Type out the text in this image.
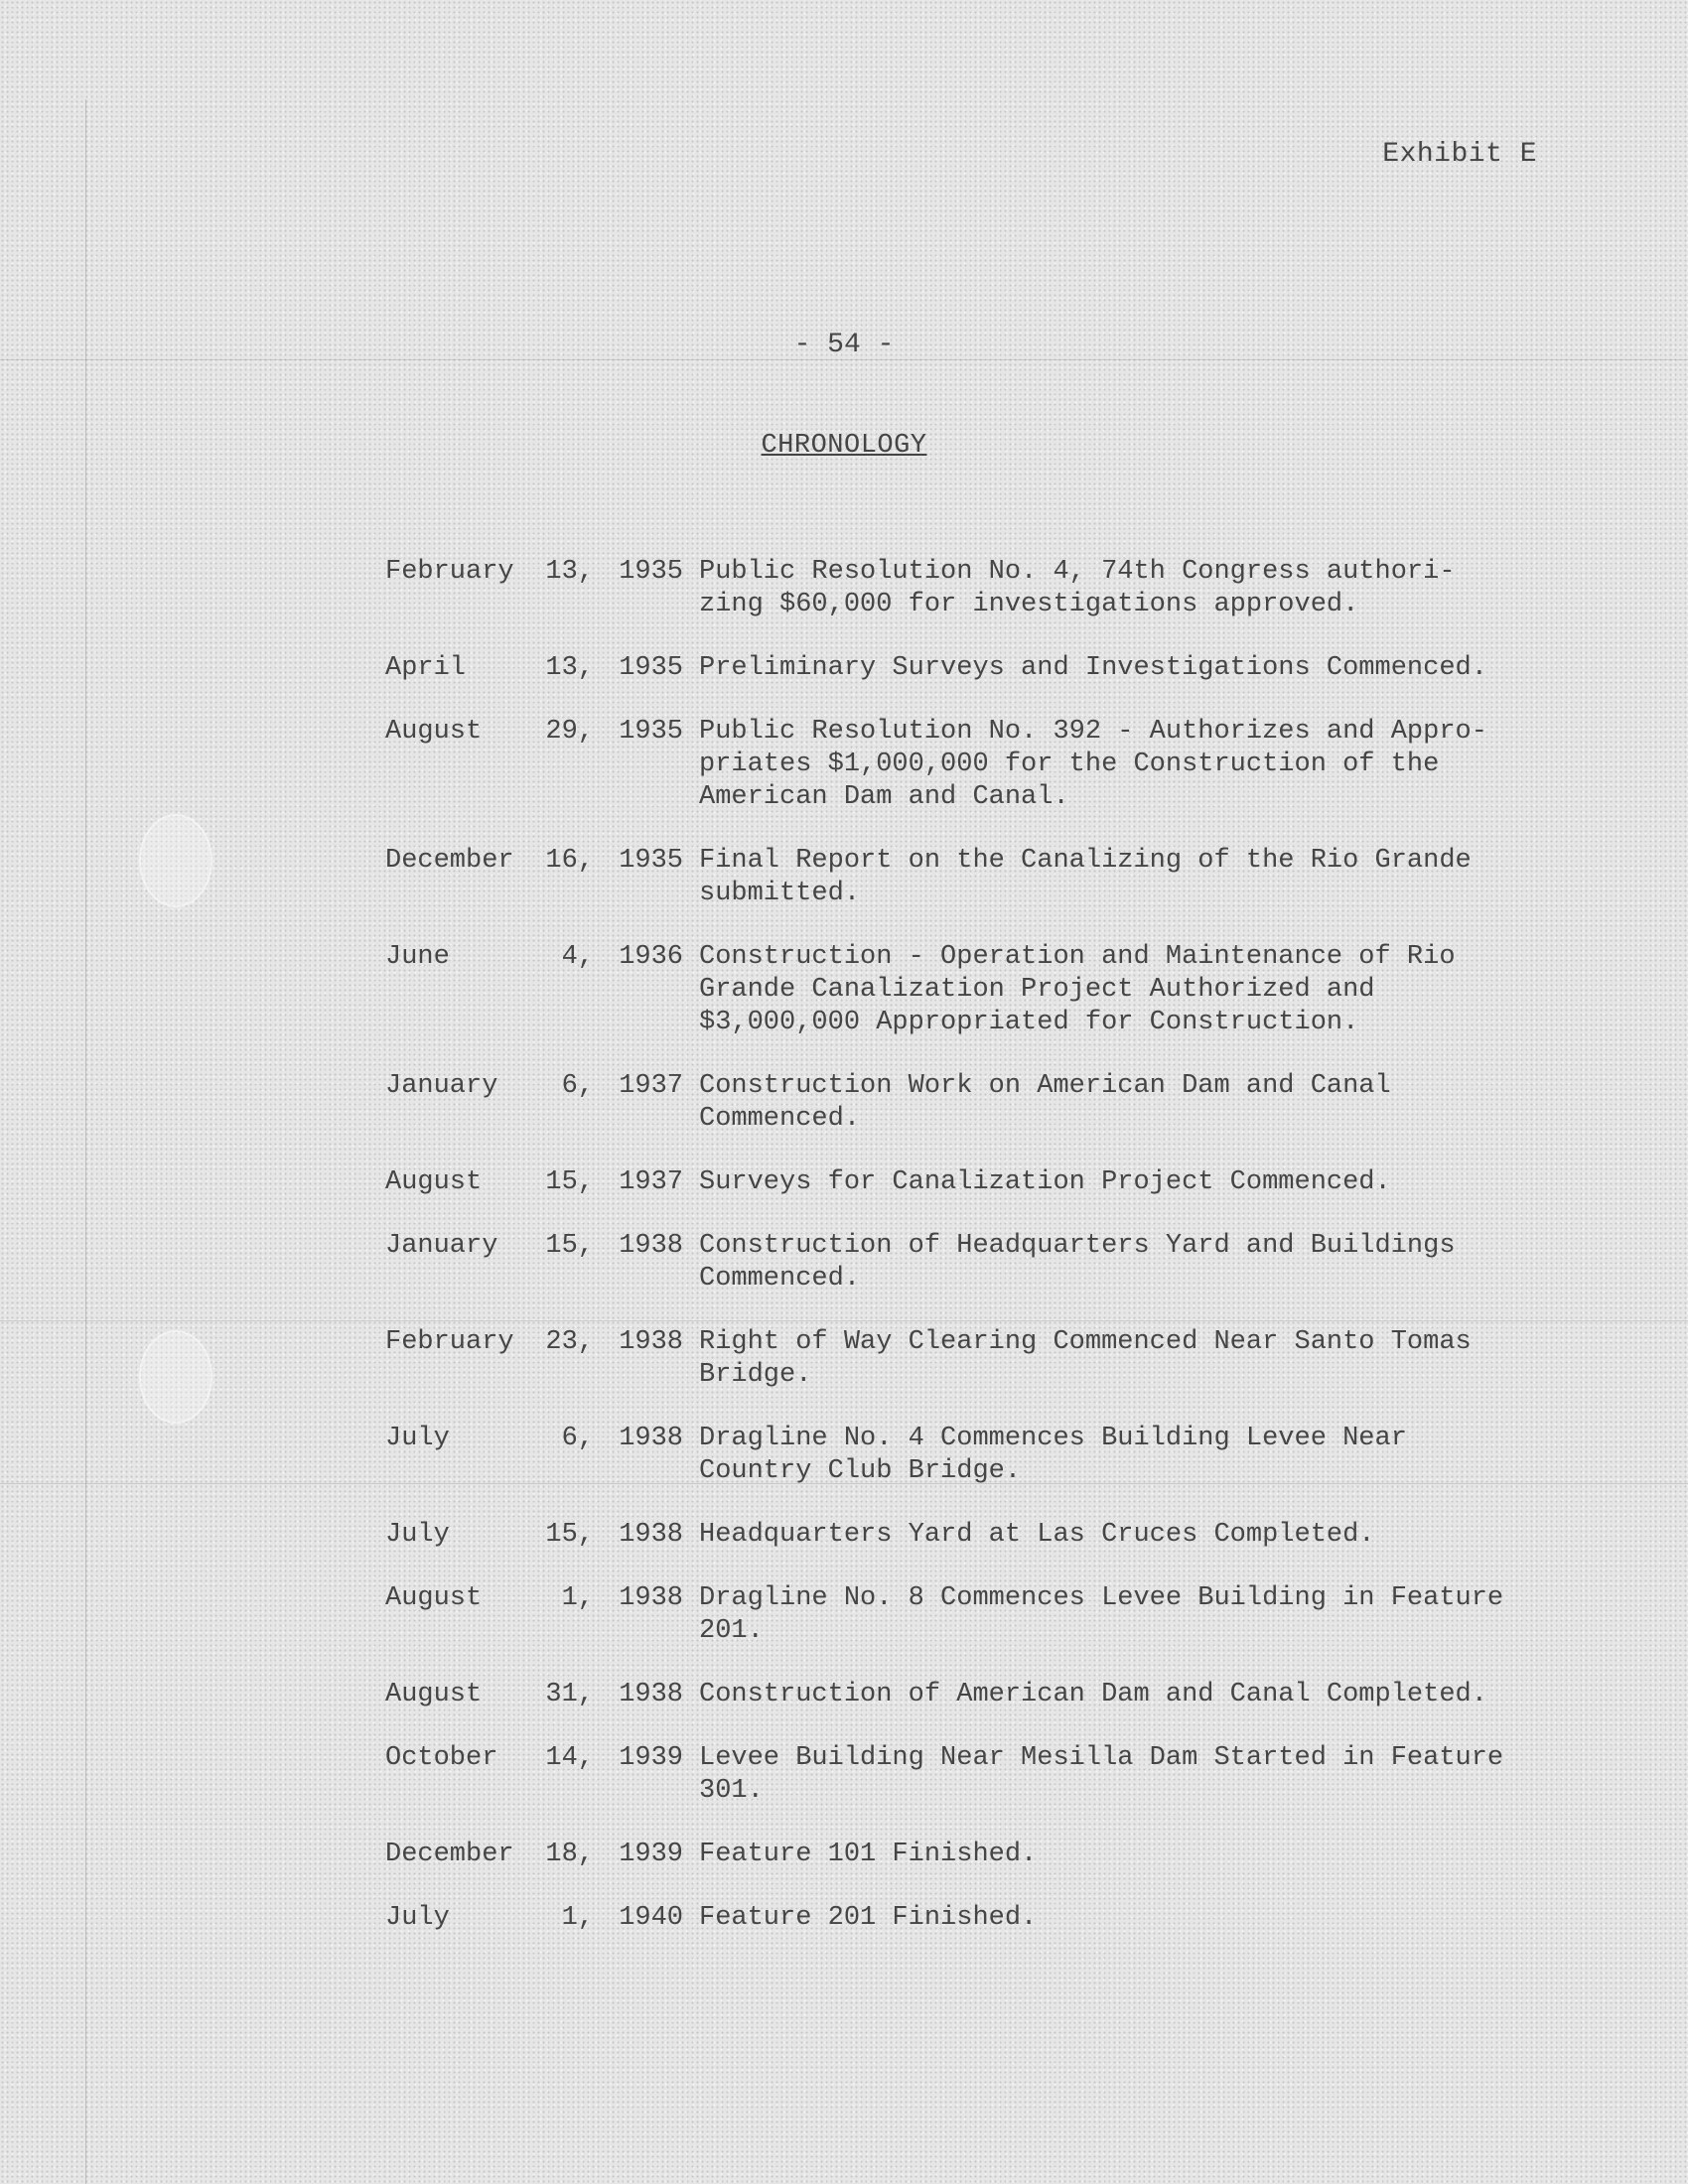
Exhibit E
- 54 -
CHRONOLOGY
February	13, 1935 Public Resolution No. 4, 74th Congress authori-
zing $60,000 for investigations approved.
April	13, 1935 Preliminary Surveys and Investigations Commenced.
August	29, 1935 Public Resolution No. 392 - Authorizes and Appro-
priates $1,000,000 for the Construction of the
American Dam and Canal.
December	16, 1935 Final Report on the Canalizing of the Rio Grande
submitted.
June	4, 1936 Construction - Operation and Maintenance of Rio
Grande Canalization Project Authorized and
$3,000,000 Appropriated for Construction.
January	6, 1937 Construction Work on American Dam and Canal
Commenced.
August	15, 1937 Surveys for Canalization Project Commenced.
January	15, 1938 Construction of Headquarters Yard and Buildings
Commenced.
February	23, 1938 Right of Way Clearing Commenced Near Santo Tomas
Bridge.
July	6, 1938 Dragline No. 4 Commences Building Levee Near
Country Club Bridge.
July	15, 1938 Headquarters Yard at Las Cruces Completed.
August	1, 1938 Dragline No. 8 Commences Levee Building in Feature
201.
August	31, 1938 Construction of American Dam and Canal Completed.
October	14, 1939 Levee Building Near Mesilla Dam Started in Feature
301.
December	18, 1939 Feature 101 Finished.
July	1, 1940 Feature 201 Finished.
